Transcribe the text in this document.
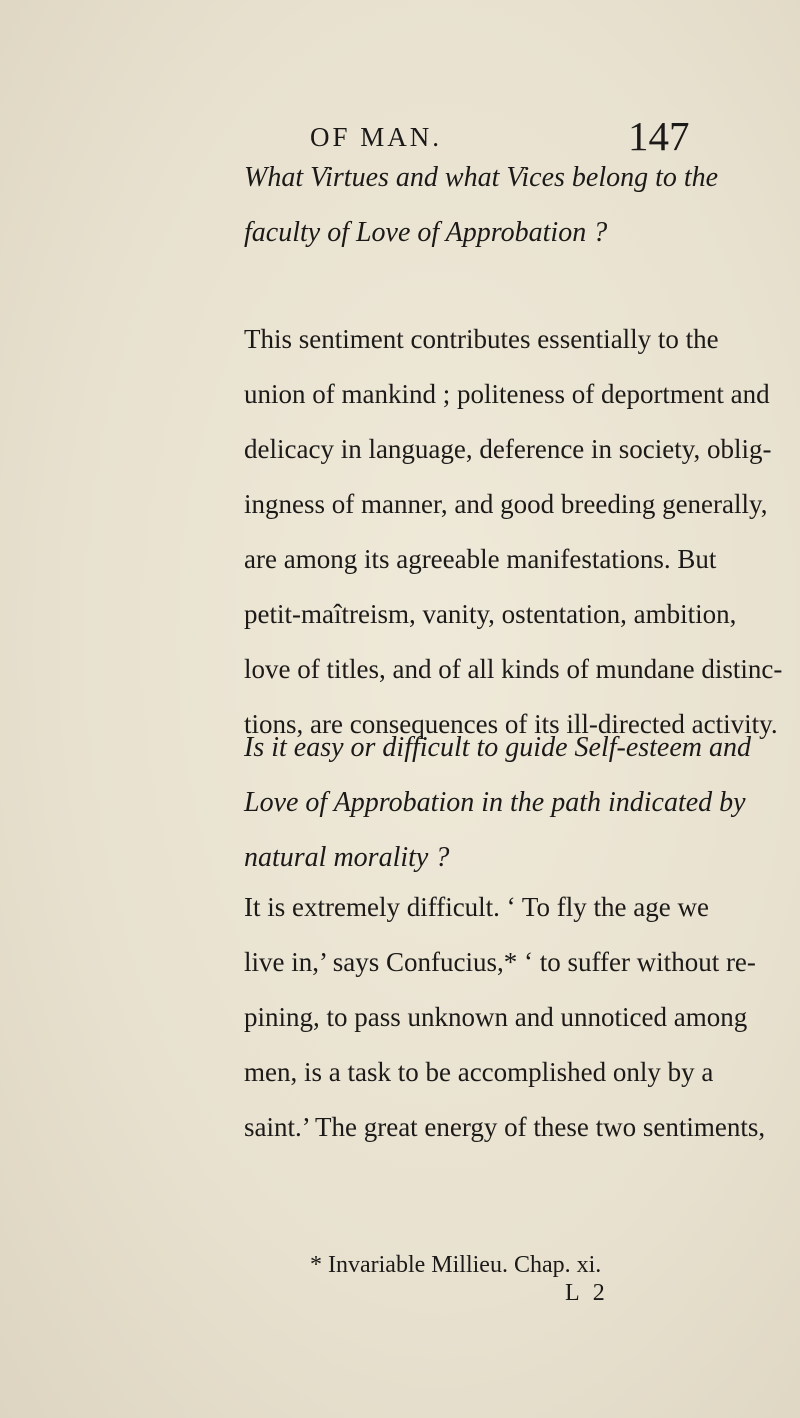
OF MAN.	147
What Virtues and what Vices belong to the
faculty of Love of Approbation ?
This sentiment contributes essentially to the
union of mankind ; politeness of deportment and
delicacy in language, deference in society, oblig-
ingness of manner, and good breeding generally,
are among its agreeable manifestations. But
petit-maîtreism, vanity, ostentation, ambition,
love of titles, and of all kinds of mundane distinc-
tions, are consequences of its ill-directed activity.
Is it easy or difficult to guide Self-esteem and
Love of Approbation in the path indicated by
natural morality ?
It is extremely difficult. ‘ To fly the age we
live in,’ says Confucius,* ‘ to suffer without re-
pining, to pass unknown and unnoticed among
men, is a task to be accomplished only by a
saint.’ The great energy of these two sentiments,
* Invariable Millieu. Chap. xi.
L 2
